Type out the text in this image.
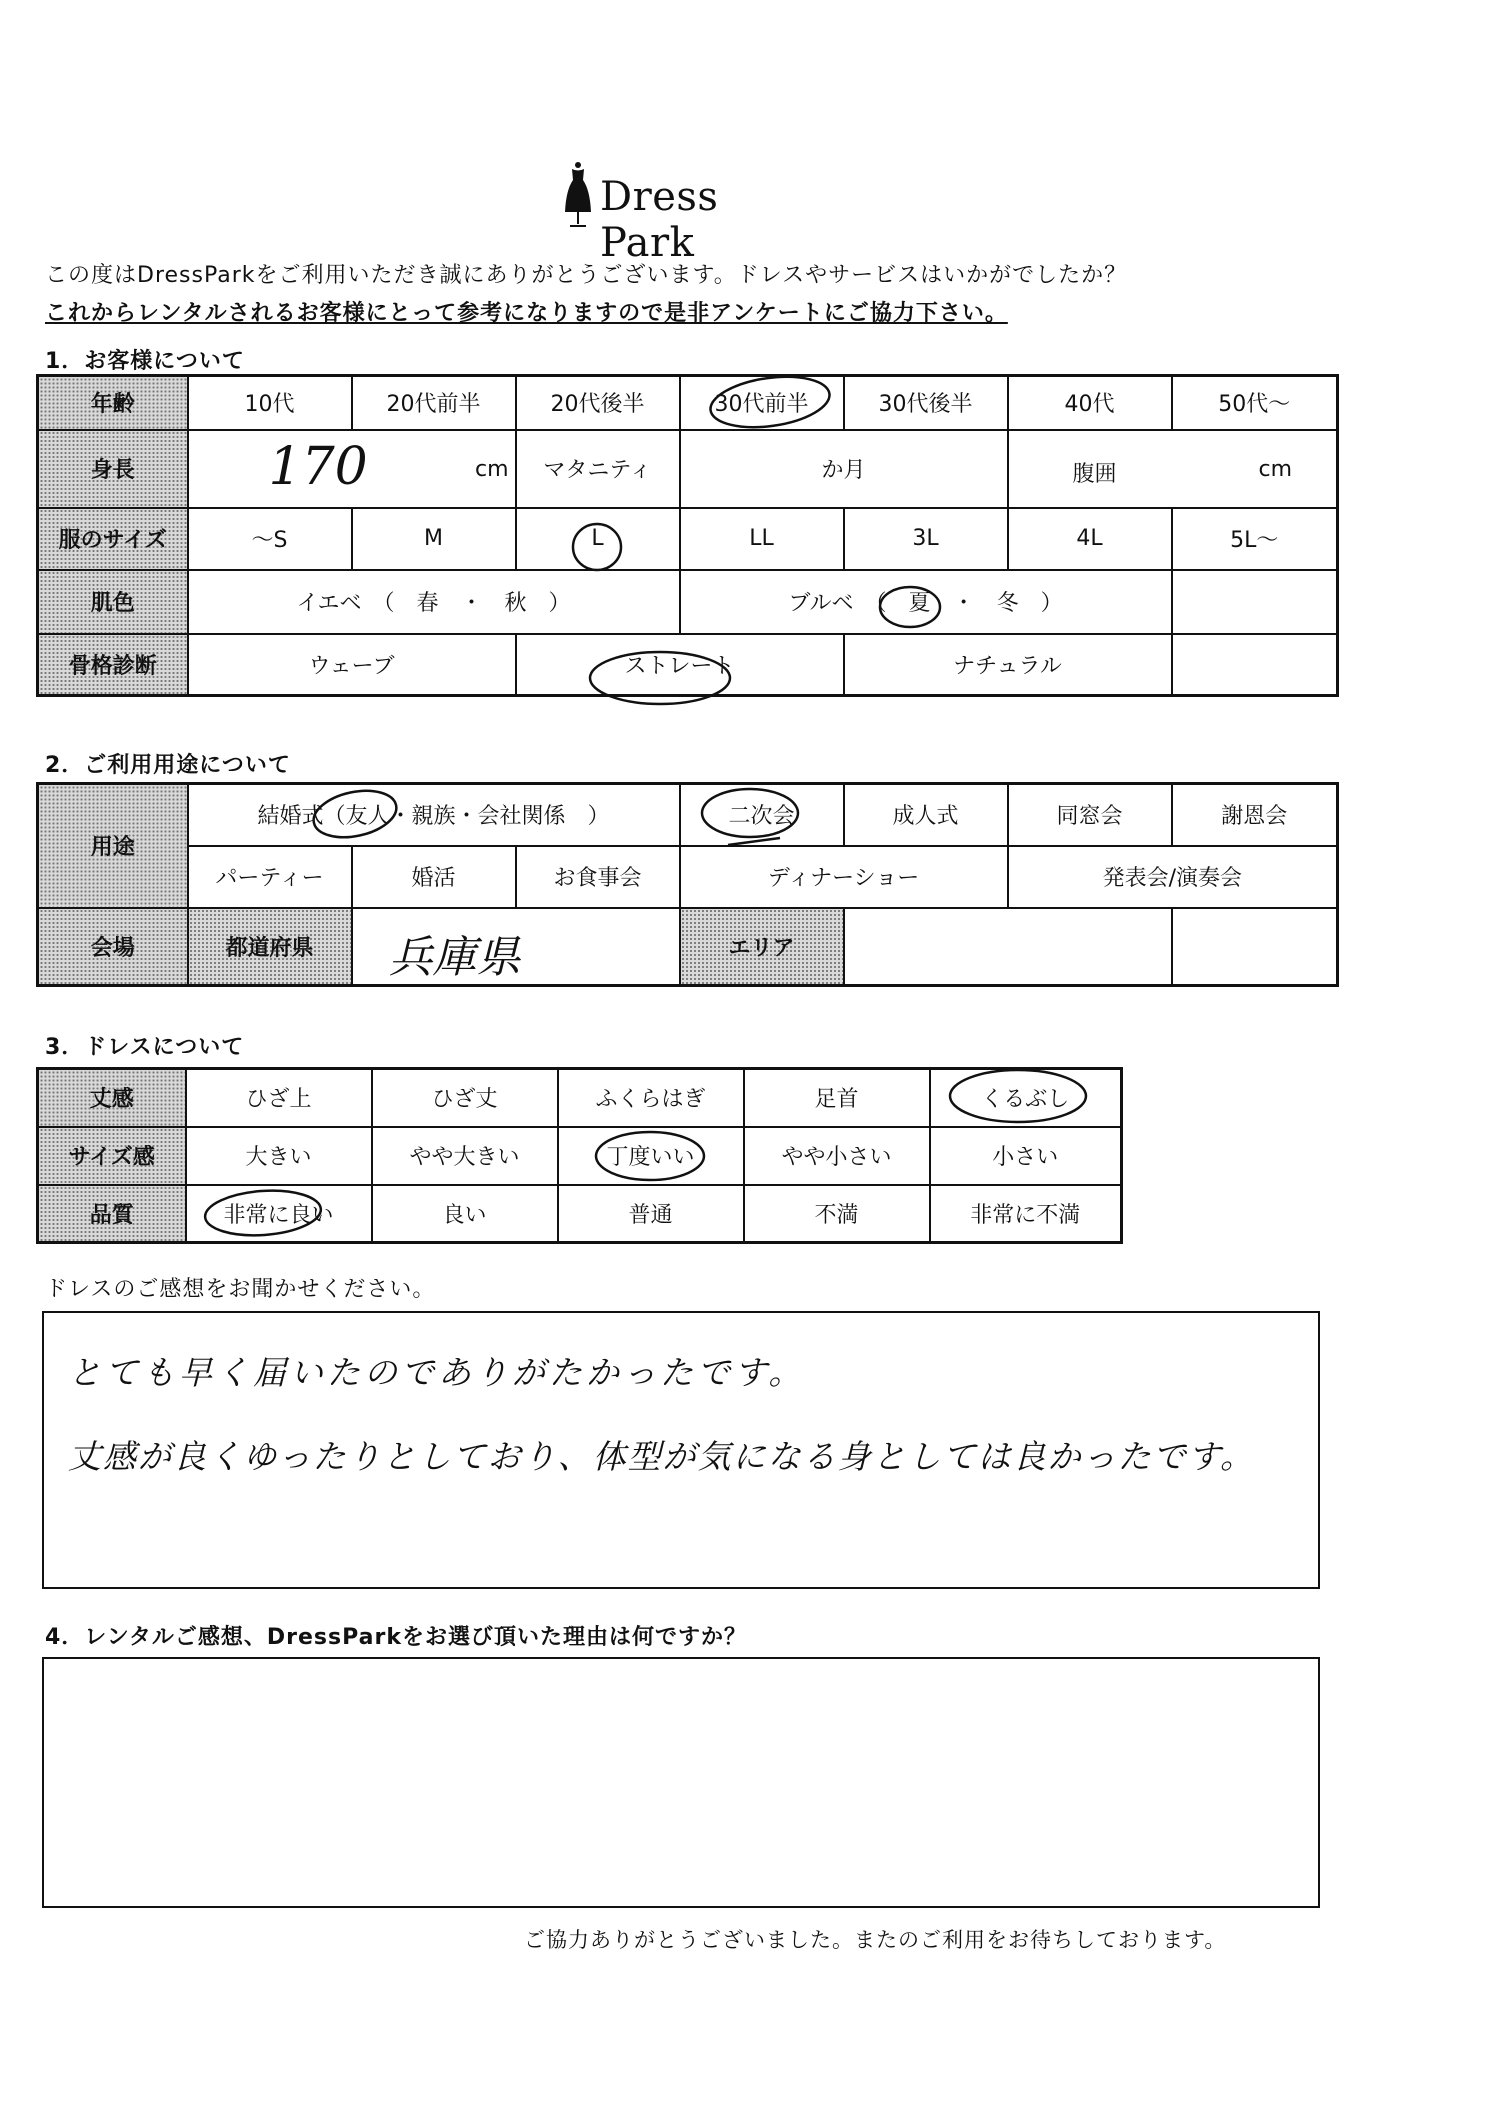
Dress Park
この度はDressParkをご利用いただき誠にありがとうございます。ドレスやサービスはいかがでしたか？
これからレンタルされるお客様にとって参考になりますので是非アンケートにご協力下さい。
1．お客様について
年齢	10代	20代前半	20代後半	30代前半	30代後半	40代	50代～
身長	170 cm		マタニティ	か月		腹囲 cm	

服のサイズ	～S	M	L	LL	3L	4L	5L～
肌色	イエベ　（　春　・　秋　）			ブルベ　 （　 夏　 ・　 冬　 ）			
骨格診断	ウェーブ		ストレート		ナチュラル		
2．ご利用用途について
用途	結婚式（友人・親族・会社関係　）			二次会	成人式	同窓会	謝恩会
	パーティー	婚活	お食事会	ディナーショー		発表会/演奏会	
会場	都道府県	兵庫県		エリア			
3．ドレスについて
丈感	ひざ上	ひざ丈	ふくらはぎ	足首	くるぶし
サイズ感	大きい	やや大きい	丁度いい	やや小さい	小さい
品質	非常に良い	良い	普通	不満	非常に不満
ドレスのご感想をお聞かせください。
とても早く届いたのでありがたかったです。
丈感が良くゆったりとしており、体型が気になる身としては良かったです。
4．レンタルご感想、DressParkをお選び頂いた理由は何ですか？
ご協力ありがとうございました。またのご利用をお待ちしております。
